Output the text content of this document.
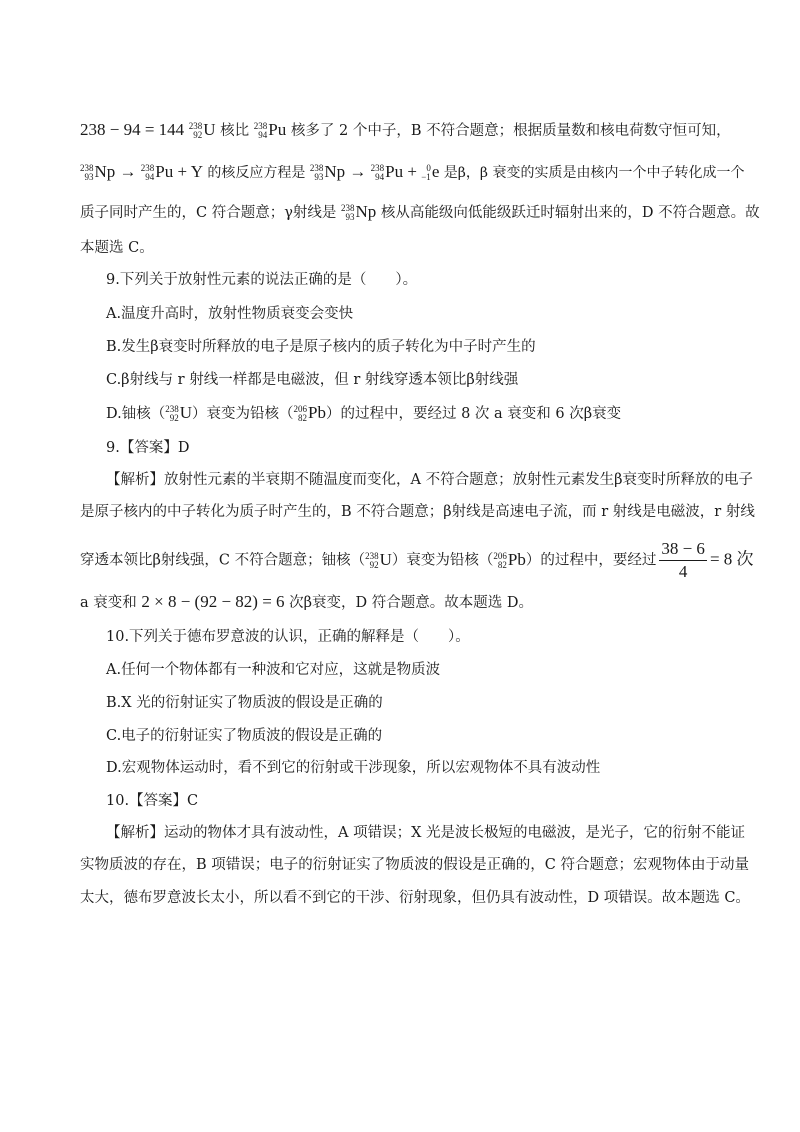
238 − 94 = 144 238
92 U 核比 238
94 Pu 核多了 2 个中子，B 不符合题意；根据质量数和核电荷数守恒可知，
238
93 Np → 238
94 Pu + Y 的核反应方程是 238
93 Np → 238
94 Pu + 0
−1 e 是β，β 衰变的实质是由核内一个中子转化成一个
质子同时产生的，C 符合题意；γ射线是 238
93 Np 核从高能级向低能级跃迁时辐射出来的，D 不符合题意。故
本题选 C。
9.下列关于放射性元素的说法正确的是（　　）。
A.温度升高时，放射性物质衰变会变快
B.发生β衰变时所释放的电子是原子核内的质子转化为中子时产生的
C.β射线与 r 射线一样都是电磁波，但 r 射线穿透本领比β射线强
D.铀核（ 238
92 U）衰变为铅核（ 206
82 Pb）的过程中，要经过 8 次 a 衰变和 6 次β衰变
9.【答案】D
【解析】放射性元素的半衰期不随温度而变化，A 不符合题意；放射性元素发生β衰变时所释放的电子
是原子核内的中子转化为质子时产生的，B 不符合题意；β射线是高速电子流，而 r 射线是电磁波，r 射线
穿透本领比β射线强，C 不符合题意；铀核（ 238
92 U）衰变为铅核（ 206
82 Pb）的过程中，要经过 $\frac{38 - 6}{4} = 8$ 次
a 衰变和 2 × 8 − (92 − 82) = 6 次β衰变，D 符合题意。故本题选 D。
10.下列关于德布罗意波的认识，正确的解释是（　　）。
A.任何一个物体都有一种波和它对应，这就是物质波
B.X 光的衍射证实了物质波的假设是正确的
C.电子的衍射证实了物质波的假设是正确的
D.宏观物体运动时，看不到它的衍射或干涉现象，所以宏观物体不具有波动性
10.【答案】C
【解析】运动的物体才具有波动性，A 项错误；X 光是波长极短的电磁波，是光子，它的衍射不能证
实物质波的存在，B 项错误；电子的衍射证实了物质波的假设是正确的，C 符合题意；宏观物体由于动量
太大，德布罗意波长太小，所以看不到它的干涉、衍射现象，但仍具有波动性，D 项错误。故本题选 C。
